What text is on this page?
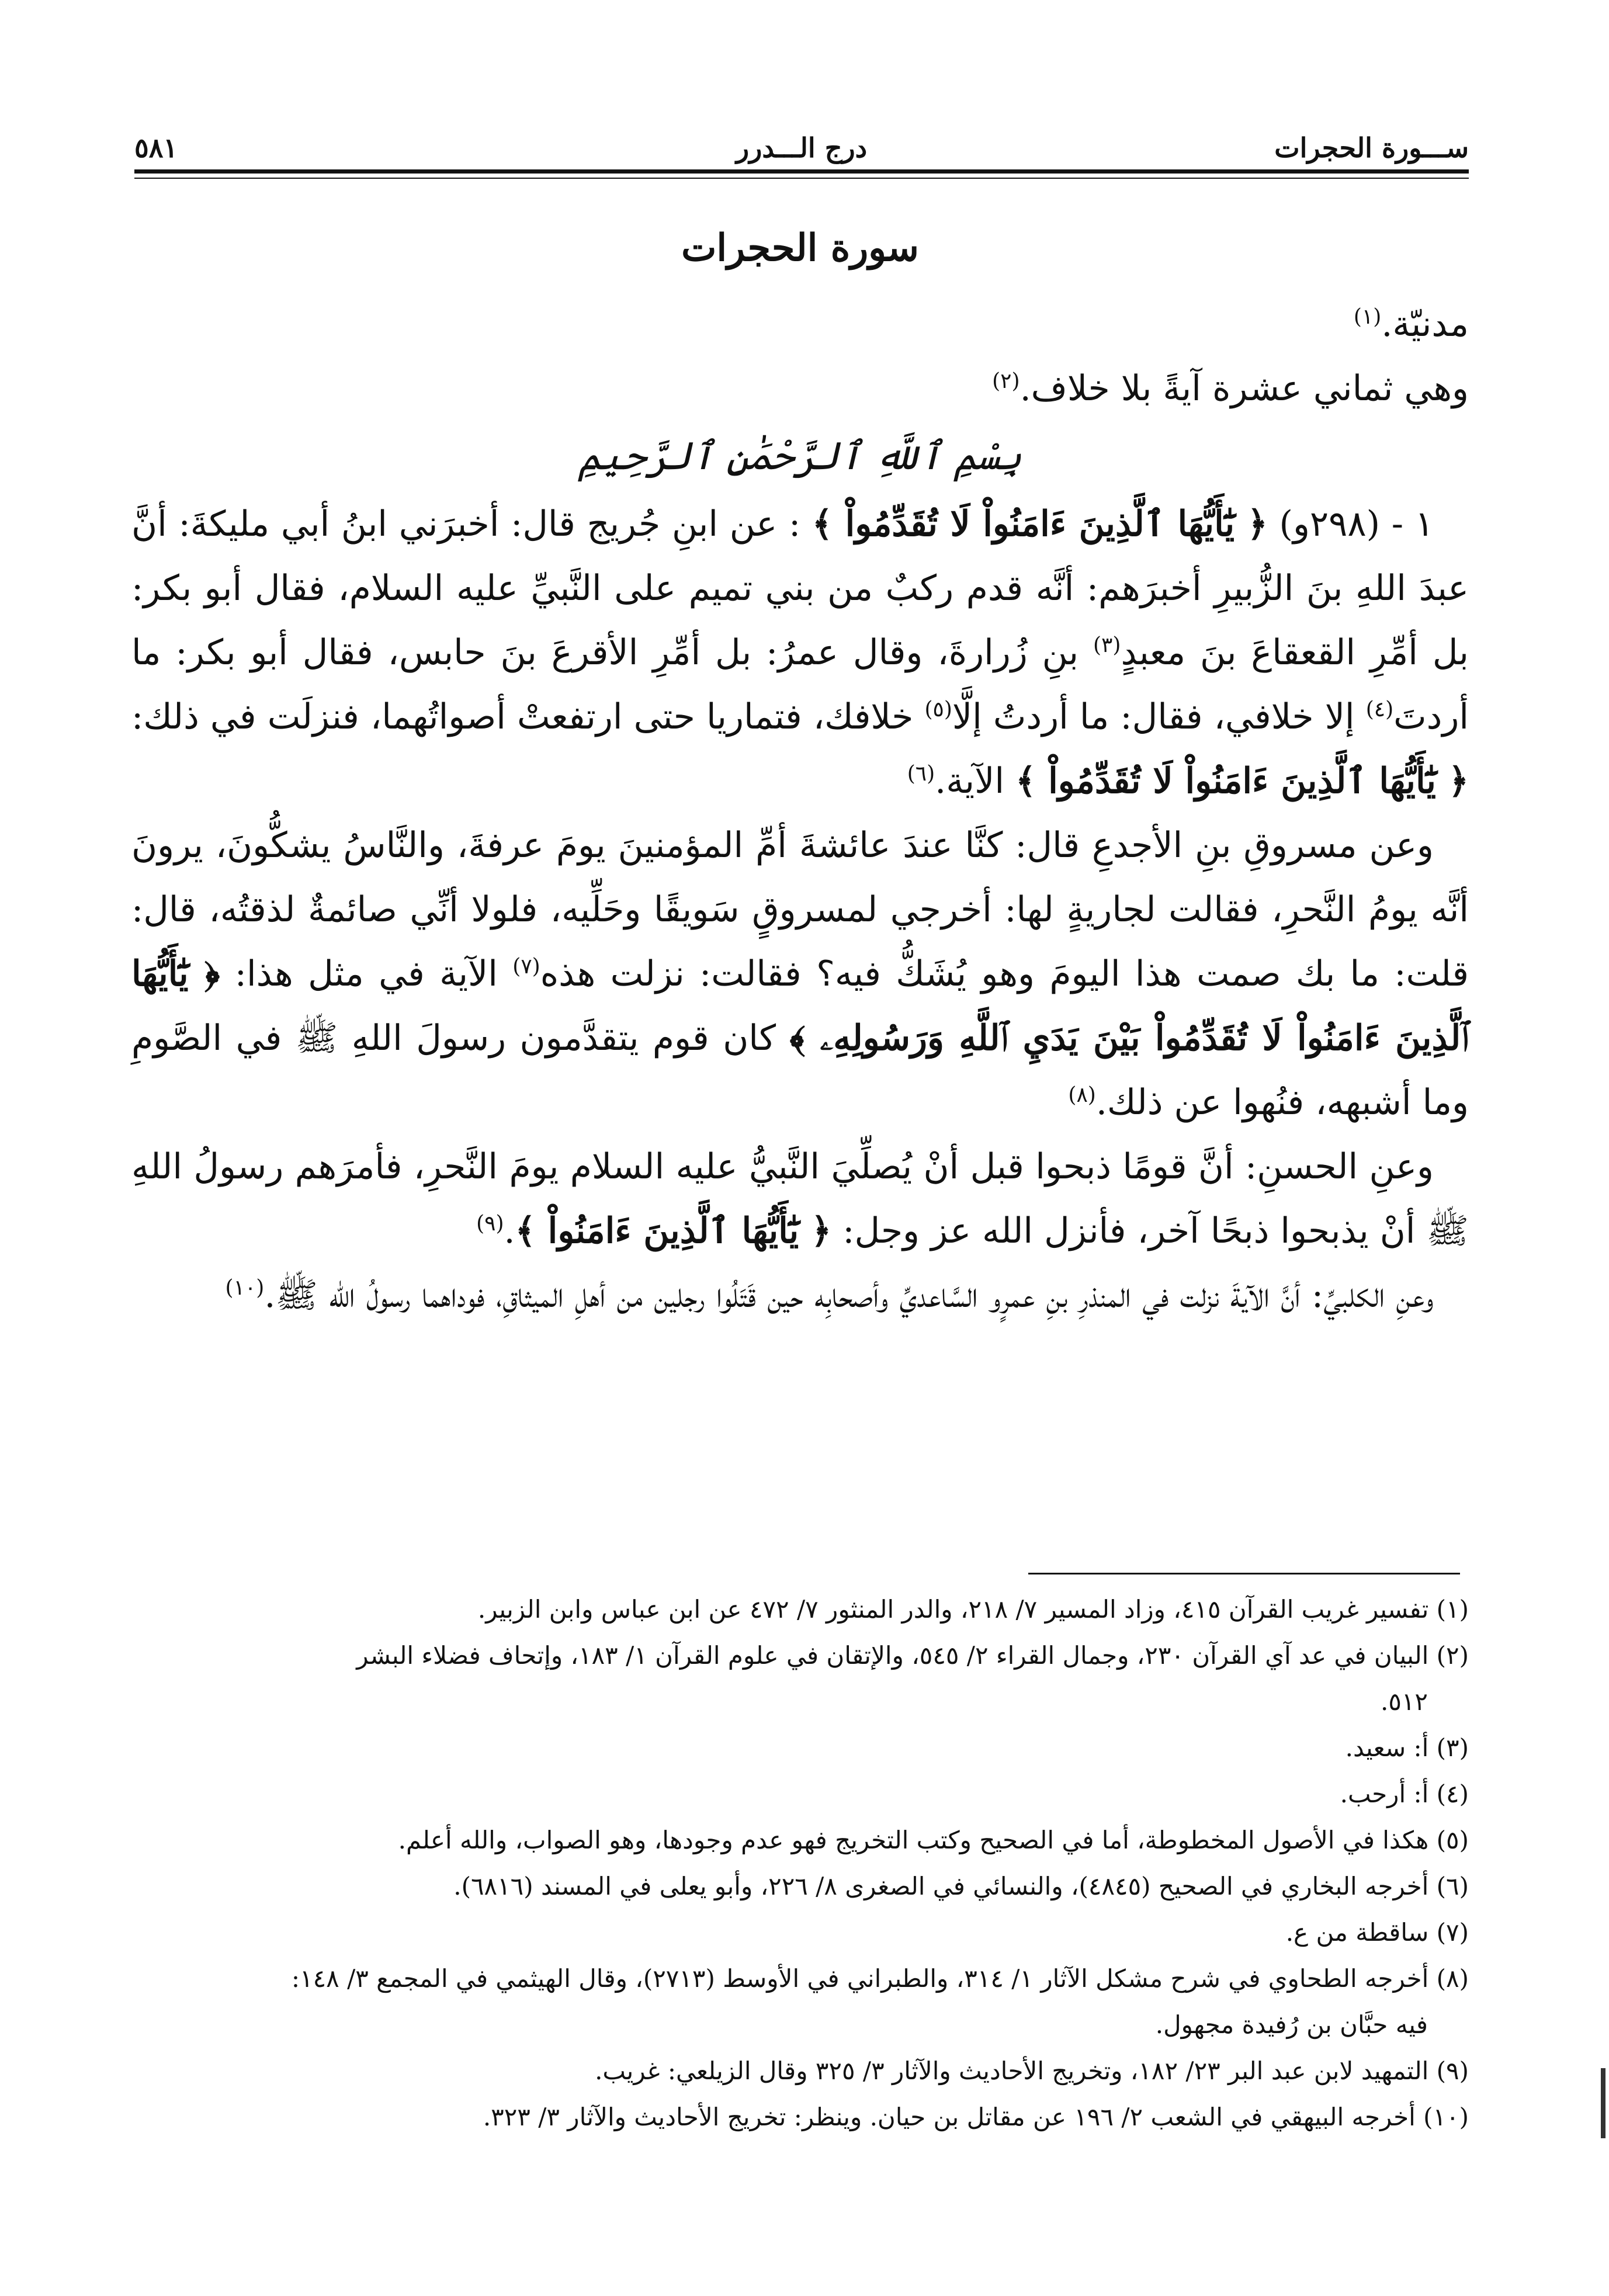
ســـورة الحجرات
درج الـــدرر
٥٨١
سورة الحجرات

مدنيّة.$^{(١)}$

وهي ثماني عشرة آيةً بلا خلاف.$^{(٢)}$

بِسْمِ ٱللَّهِ ٱلرَّحْمَٰنِ ٱلرَّحِيمِ

١ - (٢٩٨و) ﴿ يَٰٓأَيُّهَا ٱلَّذِينَ ءَامَنُواْ لَا تُقَدِّمُواْ ﴾ : عن ابنِ جُريج قال: أخبرَني ابنُ أبي مليكةَ: أنَّ عبدَ اللهِ بنَ الزُّبيرِ أخبرَهم: أنَّه قدم ركبٌ من بني تميم على النَّبيِّ عليه السلام، فقال أبو بكر: بل أمِّرِ القعقاعَ بنَ معبدٍ$^{(٣)}$ بنِ زُرارةَ، وقال عمرُ: بل أمِّرِ الأقرعَ بنَ حابس، فقال أبو بكر: ما أردتَ$^{(٤)}$ إلا خلافي، فقال: ما أردتُ إلَّا$^{(٥)}$ خلافك، فتماريا حتى ارتفعتْ أصواتُهما، فنزلَت في ذلك: ﴿ يَٰٓأَيُّهَا ٱلَّذِينَ ءَامَنُواْ لَا تُقَدِّمُواْ ﴾ الآية.$^{(٦)}$

وعن مسروقِ بنِ الأجدعِ قال: كنَّا عندَ عائشةَ أمِّ المؤمنينَ يومَ عرفةَ، والنَّاسُ يشكُّونَ، يرونَ أنَّه يومُ النَّحرِ، فقالت لجاريةٍ لها: أخرجي لمسروقٍ سَويقًا وحَلِّيه، فلولا أنِّي صائمةٌ لذقتُه، قال: قلت: ما بك صمت هذا اليومَ وهو يُشَكُّ فيه؟ فقالت: نزلت هذه$^{(٧)}$ الآية في مثل هذا: ﴿ يَٰٓأَيُّهَا ٱلَّذِينَ ءَامَنُواْ لَا تُقَدِّمُواْ بَيْنَ يَدَيِ ٱللَّهِ وَرَسُولِهِۦ ﴾ كان قوم يتقدَّمون رسولَ اللهِ ﷺ في الصَّومِ وما أشبهه، فنُهوا عن ذلك.$^{(٨)}$

وعنِ الحسنِ: أنَّ قومًا ذبحوا قبل أنْ يُصلِّيَ النَّبيُّ عليه السلام يومَ النَّحرِ، فأمرَهم رسولُ اللهِ ﷺ أنْ يذبحوا ذبحًا آخر، فأنزل الله عز وجل: ﴿ يَٰٓأَيُّهَا ٱلَّذِينَ ءَامَنُواْ ﴾.$^{(٩)}$

وعنِ الكلبيِّ: أنَّ الآيةَ نزلت في المنذرِ بنِ عمرٍو السَّاعديِّ وأصحابِه حين قَتَلُوا رجلين من أهلِ الميثاقِ، فوداهما رسولُ الله ﷺ.$^{(١٠)}$

(١) تفسير غريب القرآن ٤١٥، وزاد المسير ٧/ ٢١٨، والدر المنثور ٧/ ٤٧٢ عن ابن عباس وابن الزبير.

(٢) البيان في عد آي القرآن ٢٣٠، وجمال القراء ٢/ ٥٤٥، والإتقان في علوم القرآن ١/ ١٨٣، وإتحاف فضلاء البشر

٥١٢.

(٣) أ: سعيد.

(٤) أ: أرحب.

(٥) هكذا في الأصول المخطوطة، أما في الصحيح وكتب التخريج فهو عدم وجودها، وهو الصواب، والله أعلم.

(٦) أخرجه البخاري في الصحيح (٤٨٤٥)، والنسائي في الصغرى ٨/ ٢٢٦، وأبو يعلى في المسند (٦٨١٦).

(٧) ساقطة من ع.

(٨) أخرجه الطحاوي في شرح مشكل الآثار ١/ ٣١٤، والطبراني في الأوسط (٢٧١٣)، وقال الهيثمي في المجمع ٣/ ١٤٨:

فيه حبَّان بن رُفيدة مجهول.

(٩) التمهيد لابن عبد البر ٢٣/ ١٨٢، وتخريج الأحاديث والآثار ٣/ ٣٢٥ وقال الزيلعي: غريب.

(١٠) أخرجه البيهقي في الشعب ٢/ ١٩٦ عن مقاتل بن حيان. وينظر: تخريج الأحاديث والآثار ٣/ ٣٢٣.
